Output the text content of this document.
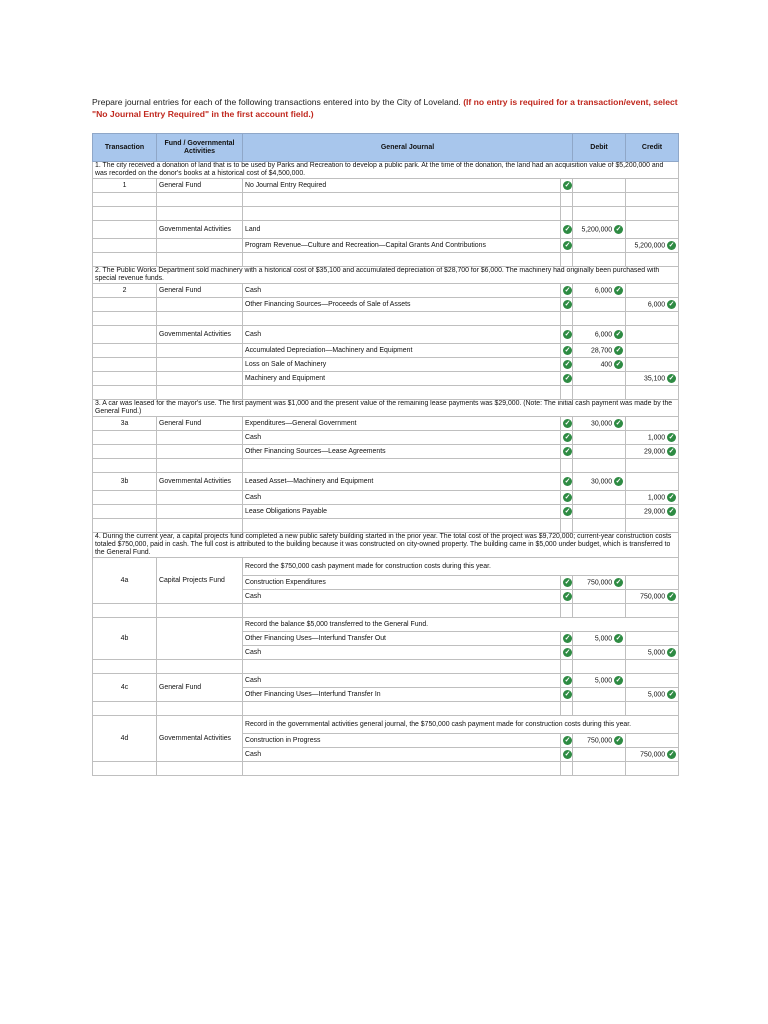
Prepare journal entries for each of the following transactions entered into by the City of Loveland. (If no entry is required for a transaction/event, select "No Journal Entry Required" in the first account field.)
Transaction	Fund / Governmental Activities	General Journal		Debit	Credit
1. The city received a donation of land that is to be used by Parks and Recreation to develop a public park. At the time of the donation, the land had an acquisition value of $5,200,000 and was recorded on the donor's books at a historical cost of $4,500,000.					
1	General Fund	No Journal Entry Required	✓		

	Governmental Activities	Land	✓	5,200,000 ✓	
		Program Revenue—Culture and Recreation—Capital Grants And Contributions	✓		5,200,000 ✓

2. The Public Works Department sold machinery with a historical cost of $35,100 and accumulated depreciation of $28,700 for $6,000. The machinery had originally been purchased with special revenue funds.					
2	General Fund	Cash	✓	6,000 ✓	
		Other Financing Sources—Proceeds of Sale of Assets	✓		6,000 ✓

	Governmental Activities	Cash	✓	6,000 ✓	
		Accumulated Depreciation—Machinery and Equipment	✓	28,700 ✓	
		Loss on Sale of Machinery	✓	400 ✓	
		Machinery and Equipment	✓		35,100 ✓

3. A car was leased for the mayor's use. The first payment was $1,000 and the present value of the remaining lease payments was $29,000. (Note: The initial cash payment was made by the General Fund.)					
3a	General Fund	Expenditures—General Government	✓	30,000 ✓	
		Cash	✓		1,000 ✓
		Other Financing Sources—Lease Agreements	✓		29,000 ✓

3b	Governmental Activities	Leased Asset—Machinery and Equipment	✓	30,000 ✓	
		Cash	✓		1,000 ✓
		Lease Obligations Payable	✓		29,000 ✓

4. During the current year, a capital projects fund completed a new public safety building started in the prior year. The total cost of the project was $9,720,000; current-year construction costs totaled $750,000, paid in cash. The full cost is attributed to the building because it was constructed on city-owned property. The building came in $5,000 under budget, which is transferred to the General Fund.					
4a	Capital Projects Fund	Record the $750,000 cash payment made for construction costs during this year.			
		Construction Expenditures	✓	750,000 ✓	
		Cash	✓		750,000 ✓

4b		Record the balance $5,000 transferred to the General Fund.			
		Other Financing Uses—Interfund Transfer Out	✓	5,000 ✓	
		Cash	✓		5,000 ✓

4c	General Fund	Cash	✓	5,000 ✓	
		Other Financing Uses—Interfund Transfer In	✓		5,000 ✓

4d	Governmental Activities	Record in the governmental activities general journal, the $750,000 cash payment made for construction costs during this year.			
		Construction in Progress	✓	750,000 ✓	
		Cash	✓		750,000 ✓
